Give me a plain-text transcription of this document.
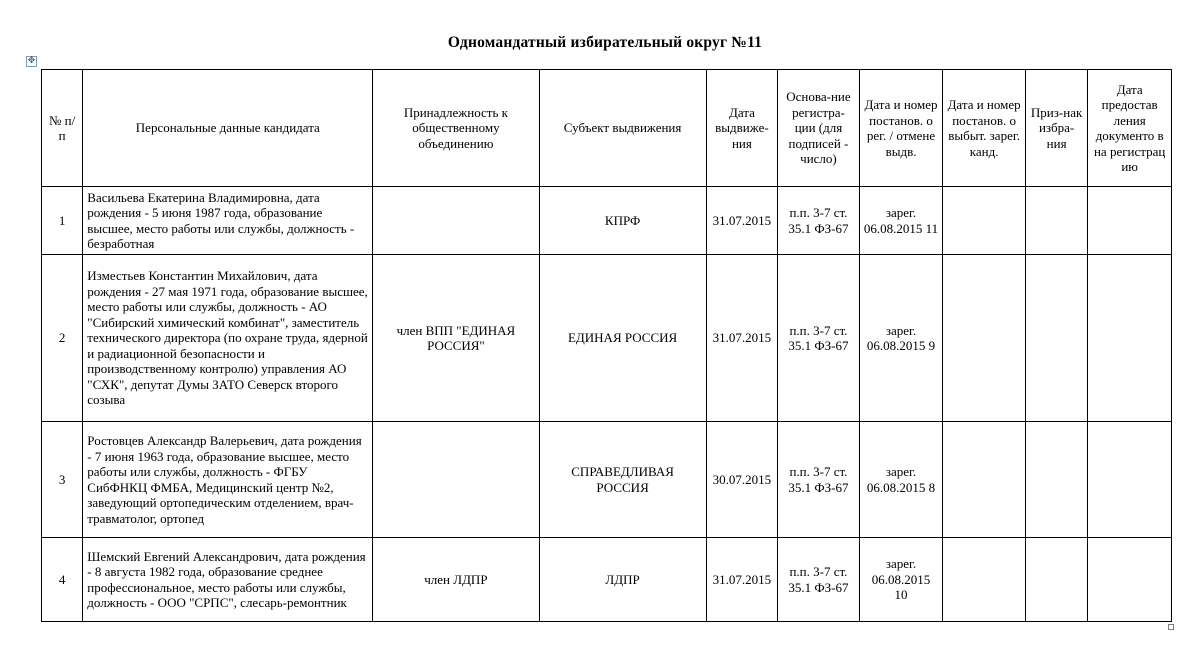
Одномандатный избирательный округ №11
✥
№ п/п	Персональные данные кандидата	Принадлежность к общественному объединению	Субъект выдвижения	Дата выдвиже-ния	Основа-ние регистра-ции (для подписей - число)	Дата и номер постанов. о рег. / отмене выдв.	Дата и номер постанов. о выбыт. зарег. канд.	Приз-нак избра-ния	Дата предостав ления документо в на регистрац ию
1	Васильева Екатерина Владимировна, дата рождения - 5 июня 1987 года, образование высшее, место работы или службы, должность - безработная		КПРФ	31.07.2015	п.п. 3-7 ст. 35.1 ФЗ-67	зарег. 06.08.2015 11			
2	Изместьев Константин Михайлович, дата рождения - 27 мая 1971 года, образование высшее, место работы или службы, должность - АО "Сибирский химический комбинат", заместитель технического директора (по охране труда, ядерной и радиационной безопасности и производственному контролю) управления АО "СХК", депутат Думы ЗАТО Северск второго созыва	член ВПП "ЕДИНАЯ РОССИЯ"	ЕДИНАЯ РОССИЯ	31.07.2015	п.п. 3-7 ст. 35.1 ФЗ-67	зарег. 06.08.2015 9			
3	Ростовцев Александр Валерьевич, дата рождения - 7 июня 1963 года, образование высшее, место работы или службы, должность - ФГБУ СибФНКЦ ФМБА, Медицинский центр №2, заведующий ортопедическим отделением, врач-травматолог, ортопед		СПРАВЕДЛИВАЯ РОССИЯ	30.07.2015	п.п. 3-7 ст. 35.1 ФЗ-67	зарег. 06.08.2015 8			
4	Шемский Евгений Александрович, дата рождения - 8 августа 1982 года, образование среднее профессиональное, место работы или службы, должность - ООО "СРПС", слесарь-ремонтник	член ЛДПР	ЛДПР	31.07.2015	п.п. 3-7 ст. 35.1 ФЗ-67	зарег. 06.08.2015 10			
